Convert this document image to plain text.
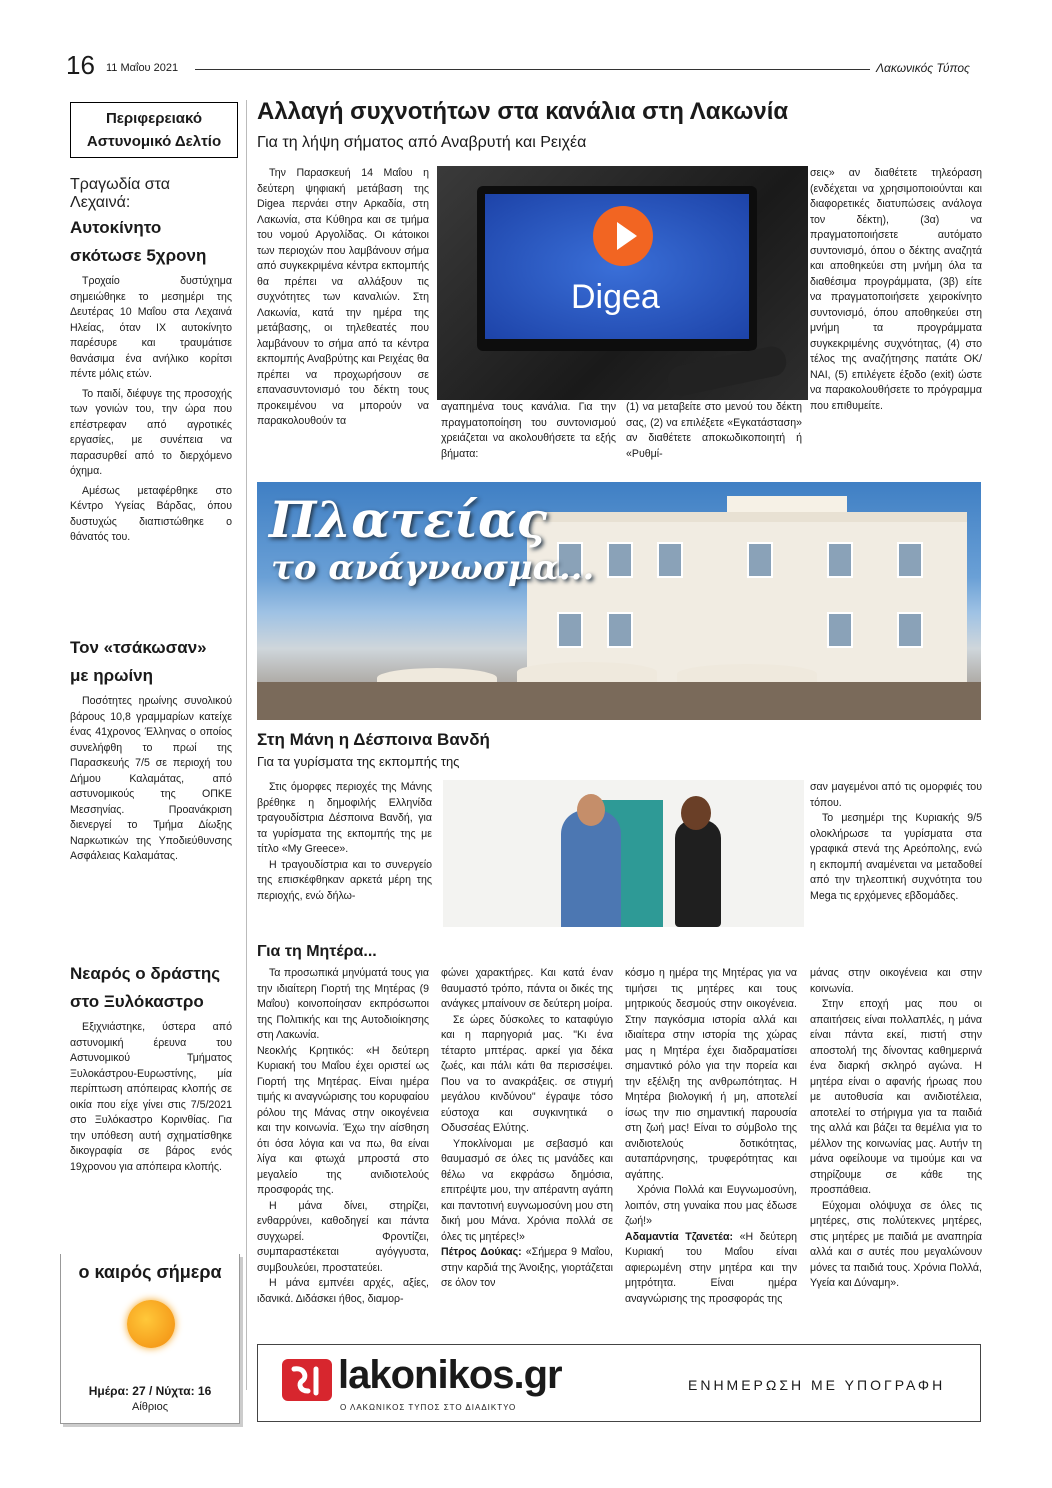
16 11 Μαΐου 2021	Λακωνικός Τύπος
Περιφερειακό
Αστυνομικό Δελτίο
Τραγωδία στα Λεχαινά:
Αυτοκίνητο
σκότωσε 5χρονη

Τροχαίο δυστύχημα σημειώθηκε το μεσημέρι της Δευτέρας 10 Μαΐου στα Λεχαινά Ηλείας, όταν ΙΧ αυτοκίνητο παρέσυρε και τραυμάτισε θανάσιμα ένα ανήλικο κορίτσι πέντε μόλις ετών.

Το παιδί, διέφυγε της προσοχής των γονιών του, την ώρα που επέστρεφαν από αγροτικές εργασίες, με συνέπεια να παρασυρθεί από το διερχόμενο όχημα.

Αμέσως μεταφέρθηκε στο Κέντρο Υγείας Βάρδας, όπου δυστυχώς διαπιστώθηκε ο θάνατός του.

Τον «τσάκωσαν»
με ηρωίνη

Ποσότητες ηρωίνης συνολικού βάρους 10,8 γραμμαρίων κατείχε ένας 41χρονος Έλληνας ο οποίος συνελήφθη το πρωί της Παρασκευής 7/5 σε περιοχή του Δήμου Καλαμάτας, από αστυνομικούς της ΟΠΚΕ Μεσσηνίας. Προανάκριση διενεργεί το Τμήμα Δίωξης Ναρκωτικών της Υποδιεύθυνσης Ασφάλειας Καλαμάτας.

Νεαρός ο δράστης
στο Ξυλόκαστρο

Εξιχνιάστηκε, ύστερα από αστυνομική έρευνα του Αστυνομικού Τμήματος Ξυλοκάστρου-Ευρωστίνης, μία περίπτωση απόπειρας κλοπής σε οικία που είχε γίνει στις 7/5/2021 στο Ξυλόκαστρο Κορινθίας. Για την υπόθεση αυτή σχηματίσθηκε δικογραφία σε βάρος ενός 19χρονου για απόπειρα κλοπής.

ο καιρός σήμερα
Ημέρα: 27 / Νύχτα: 16
Αίθριος
Αλλαγή συχνοτήτων στα κανάλια στη Λακωνία
Για τη λήψη σήματος από Αναβρυτή και Ρειχέα

Την Παρασκευή 14 Μαΐου η δεύτερη ψηφιακή μετάβαση της Digea περνάει στην Αρκαδία, στη Λακωνία, στα Κύθηρα και σε τμήμα του νομού Αργολίδας. Οι κάτοικοι των περιοχών που λαμβάνουν σήμα από συγκεκριμένα κέντρα εκπομπής θα πρέπει να αλλάξουν τις συχνότητες των καναλιών. Στη Λακωνία, κατά την ημέρα της μετάβασης, οι τηλεθεατές που λαμβάνουν το σήμα από τα κέντρα εκπομπής Αναβρύτης και Ρειχέας θα πρέπει να προχωρήσουν σε επανασυντονισμό του δέκτη τους προκειμένου να μπορούν να παρακολουθούν τα

Digea

αγαπημένα τους κανάλια. Για την πραγματοποίηση του συντονισμού χρειάζεται να ακολουθήσετε τα εξής βήματα:

(1) να μεταβείτε στο μενού του δέκτη σας, (2) να επιλέξετε «Εγκατάσταση» αν διαθέτετε αποκωδικοποιητή ή «Ρυθμί-

σεις» αν διαθέτετε τηλεόραση (ενδέχεται να χρησιμοποιούνται και διαφορετικές διατυπώσεις ανάλογα τον δέκτη), (3α) να πραγματοποιήσετε αυτόματο συντονισμό, όπου ο δέκτης αναζητά και αποθηκεύει στη μνήμη όλα τα διαθέσιμα προγράμματα, (3β) είτε να πραγματοποιήσετε χειροκίνητο συντονισμό, όπου αποθηκεύει στη μνήμη τα προγράμματα συγκεκριμένης συχνότητας, (4) στο τέλος της αναζήτησης πατάτε ΟΚ/ ΝΑΙ, (5) επιλέγετε έξοδο (exit) ώστε να παρακολουθήσετε το πρόγραμμα που επιθυμείτε.

Πλατείας
το ανάγνωσμα...
Στη Μάνη η Δέσποινα Βανδή
Για τα γυρίσματα της εκπομπής της

Στις όμορφες περιοχές της Μάνης βρέθηκε η δημοφιλής Ελληνίδα τραγουδίστρια Δέσποινα Βανδή, για τα γυρίσματα της εκπομπής της με τίτλο «My Greece».

Η τραγουδίστρια και το συνεργείο της επισκέφθηκαν αρκετά μέρη της περιοχής, ενώ δήλω-

σαν μαγεμένοι από τις ομορφιές του τόπου.

Το μεσημέρι της Κυριακής 9/5 ολοκλήρωσε τα γυρίσματα στα γραφικά στενά της Αρεόπολης, ενώ η εκπομπή αναμένεται να μεταδοθεί από την τηλεοπτική συχνότητα του Mega τις ερχόμενες εβδομάδες.

Για τη Μητέρα...

Τα προσωπικά μηνύματά τους για την ιδιαίτερη Γιορτή της Μητέρας (9 Μαΐου) κοινοποίησαν εκπρόσωποι της Πολιτικής και της Αυτοδιοίκησης στη Λακωνία.

Νεοκλής Κρητικός: «Η δεύτερη Κυριακή του Μαΐου έχει οριστεί ως Γιορτή της Μητέρας. Είναι ημέρα τιμής κι αναγνώρισης του κορυφαίου ρόλου της Μάνας στην οικογένεια και την κοινωνία. Έχω την αίσθηση ότι όσα λόγια και να πω, θα είναι λίγα και φτωχά μπροστά στο μεγαλείο της ανιδιοτελούς προσφοράς της.

Η μάνα δίνει, στηρίζει, ενθαρρύνει, καθοδηγεί και πάντα συγχωρεί. Φροντίζει, συμπαραστέκεται αγόγγυστα, συμβουλεύει, προστατεύει.

Η μάνα εμπνέει αρχές, αξίες, ιδανικά. Διδάσκει ήθος, διαμορ-

φώνει χαρακτήρες. Και κατά έναν θαυμαστό τρόπο, πάντα οι δικές της ανάγκες μπαίνουν σε δεύτερη μοίρα.

Σε ώρες δύσκολες το καταφύγιο και η παρηγοριά μας. "Κι ένα τέταρτο μπτέρας. αρκεί για δέκα ζωές, και πάλι κάτι θα περισσέψει. Που να το ανακράξεις. σε στιγμή μεγάλου κινδύνου" έγραψε τόσο εύστοχα και συγκινητικά ο Οδυσσέας Ελύτης.

Υποκλίνομαι με σεβασμό και θαυμασμό σε όλες τις μανάδες και θέλω να εκφράσω δημόσια, επιτρέψτε μου, την απέραντη αγάπη και παντοτινή ευγνωμοσύνη μου στη δική μου Μάνα. Χρόνια πολλά σε όλες τις μητέρες!»

Πέτρος Δούκας: «Σήμερα 9 Μαΐου, στην καρδιά της Άνοιξης, γιορτάζεται σε όλον τον

κόσμο η ημέρα της Μητέρας για να τιμήσει τις μητέρες και τους μητρικούς δεσμούς στην οικογένεια. Στην παγκόσμια ιστορία αλλά και ιδιαίτερα στην ιστορία της χώρας μας η Μητέρα έχει διαδραματίσει σημαντικό ρόλο για την πορεία και την εξέλιξη της ανθρωπότητας. Η Μητέρα βιολογική ή μη, αποτελεί ίσως την πιο σημαντική παρουσία στη ζωή μας! Είναι το σύμβολο της ανιδιοτελούς δοτικότητας, αυταπάρνησης, τρυφερότητας και αγάπης.

Χρόνια Πολλά και Ευγνωμοσύνη, λοιπόν, στη γυναίκα που μας έδωσε ζωή!»

Αδαμαντία Τζανετέα: «Η δεύτερη Κυριακή του Μαΐου είναι αφιερωμένη στην μητέρα και την μητρότητα. Είναι ημέρα αναγνώρισης της προσφοράς της

μάνας στην οικογένεια και στην κοινωνία.

Στην εποχή μας που οι απαιτήσεις είναι πολλαπλές, η μάνα είναι πάντα εκεί, πιστή στην αποστολή της δίνοντας καθημερινά ένα διαρκή σκληρό αγώνα. Η μητέρα είναι ο αφανής ήρωας που με αυτοθυσία και ανιδιοτέλεια, αποτελεί το στήριγμα για τα παιδιά της αλλά και βάζει τα θεμέλια για το μέλλον της κοινωνίας μας. Αυτήν τη μάνα οφείλουμε να τιμούμε και να στηρίζουμε σε κάθε της προσπάθεια.

Εύχομαι ολόψυχα σε όλες τις μητέρες, στις πολύτεκνες μητέρες, στις μητέρες με παιδιά με αναπηρία αλλά και σ αυτές που μεγαλώνουν μόνες τα παιδιά τους. Χρόνια Πολλά, Υγεία και Δύναμη».

lakonikos.gr
Ο ΛΑΚΩΝΙΚΟΣ ΤΥΠΟΣ ΣΤΟ ΔΙΑΔΙΚΤΥΟ
ΕΝΗΜΕΡΩΣΗ ΜΕ ΥΠΟΓΡΑΦΗ
